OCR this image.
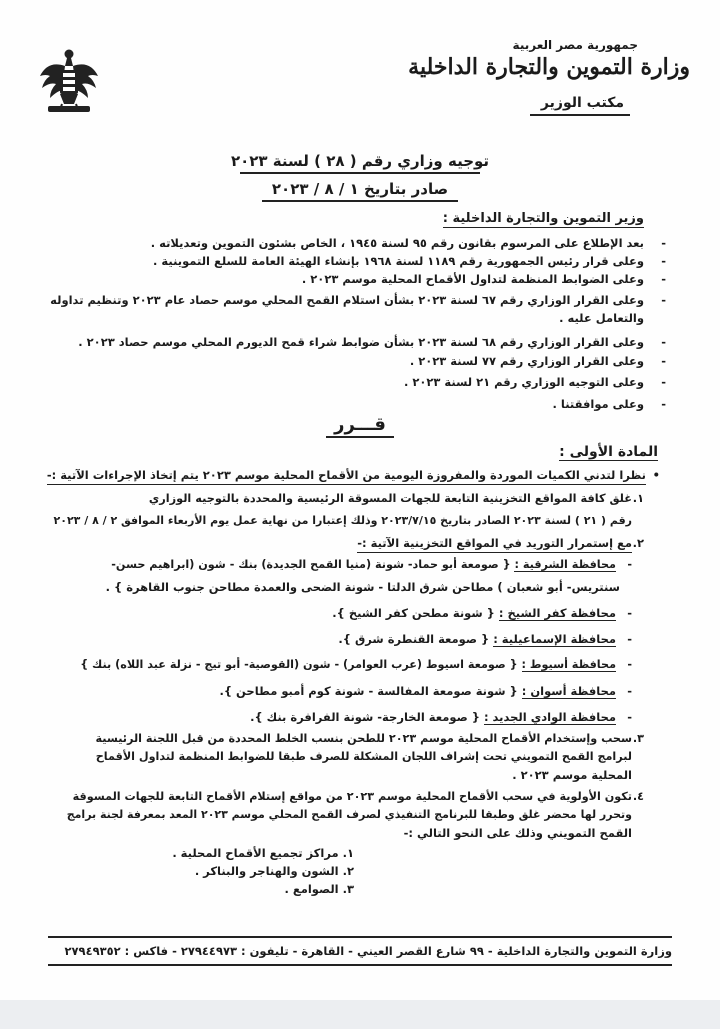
جمهورية مصر العربية
وزارة التموين والتجارة الداخلية
مكتب الوزير
توجيه وزاري رقم ( ٢٨ ) لسنة ٢٠٢٣
صادر بتاريخ ١ / ٨ / ٢٠٢٣
وزير التموين والتجارة الداخلية :
-
بعد الإطلاع على المرسوم بقانون رقم ٩٥ لسنة ١٩٤٥ ، الخاص بشئون التموين وتعديلاته .
-
وعلى قرار رئيس الجمهورية رقم ١١٨٩ لسنة ١٩٦٨ بإنشاء الهيئة العامة للسلع التموينية .
-
وعلى الضوابط المنظمة لتداول الأقماح المحلية موسم ٢٠٢٣ .
-
وعلى القرار الوزاري رقم ٦٧ لسنة ٢٠٢٣ بشأن استلام القمح المحلي موسم حصاد عام ٢٠٢٣ وتنظيم تداوله
والتعامل عليه .
-
وعلى القرار الوزاري رقم ٦٨ لسنة ٢٠٢٣ بشأن ضوابط شراء قمح الديورم المحلي موسم حصاد ٢٠٢٣ .
-
وعلى القرار الوزاري رقم ٧٧ لسنة ٢٠٢٣ .
-
وعلى التوجيه الوزاري رقم ٢١ لسنة ٢٠٢٣ .
-
وعلى موافقتنا .
قـــرر
المادة الأولى :
•
نظرا لتدني الكميات الموردة والمفروزة اليومية من الأقماح المحلية موسم ٢٠٢٣ يتم إتخاذ الإجراءات الآتية :-
١.
غلق كافة المواقع التخزينية التابعة للجهات المسوقة الرئيسية والمحددة بالتوجيه الوزاري
رقم ( ٢١ ) لسنة ٢٠٢٣ الصادر بتاريخ ٢٠٢٣/٧/١٥ وذلك إعتبارا من نهاية عمل يوم الأربعاء الموافق ٢ / ٨ / ٢٠٢٣
٢.
مع إستمرار التوريد في المواقع التخزينية الآتية :-
-
محافظة الشرقية : { صومعة أبو حماد- شونة (منيا القمح الجديدة) بنك - شون (ابراهيم حسن-
سنتريس- أبو شعبان ) مطاحن شرق الدلتا - شونة الضحى والعمدة مطاحن جنوب القاهرة } .
-
محافظة كفر الشيخ : { شونة مطحن كفر الشيخ }.
-
محافظة الإسماعيلية : { صومعة القنطرة شرق }.
-
محافظة أسيوط : { صومعة اسيوط (عرب العوامر) - شون (القوصية- أبو تيج - نزلة عبد اللاه) بنك }
-
محافظة أسوان : { شونة صومعة المفالسة - شونة كوم أمبو مطاحن }.
-
محافظة الوادي الجديد : { صومعة الخارجة- شونة الفرافرة بنك }.
٣.
سحب وإستخدام الأقماح المحلية موسم ٢٠٢٣ للطحن بنسب الخلط المحددة من قبل اللجنة الرئيسية
لبرامج القمح التمويني تحت إشراف اللجان المشكلة للصرف طبقا للضوابط المنظمة لتداول الأقماح
المحلية موسم ٢٠٢٣ .
٤.
تكون الأولوية في سحب الأقماح المحلية موسم ٢٠٢٣ من مواقع إستلام الأقماح التابعة للجهات المسوقة
وتحرر لها محضر غلق وطبقا للبرنامج التنفيذي لصرف القمح المحلي موسم ٢٠٢٣ المعد بمعرفة لجنة برامج
القمح التمويني وذلك على النحو التالي :-
١. مراكز تجميع الأقماح المحلية .
٢. الشون والهناجر والبناكر .
٣. الصوامع .
وزارة التموين والتجارة الداخلية - ٩٩ شارع القصر العيني - القاهرة - تليفون : ٢٧٩٤٤٩٧٣ - فاكس : ٢٧٩٤٩٣٥٢
